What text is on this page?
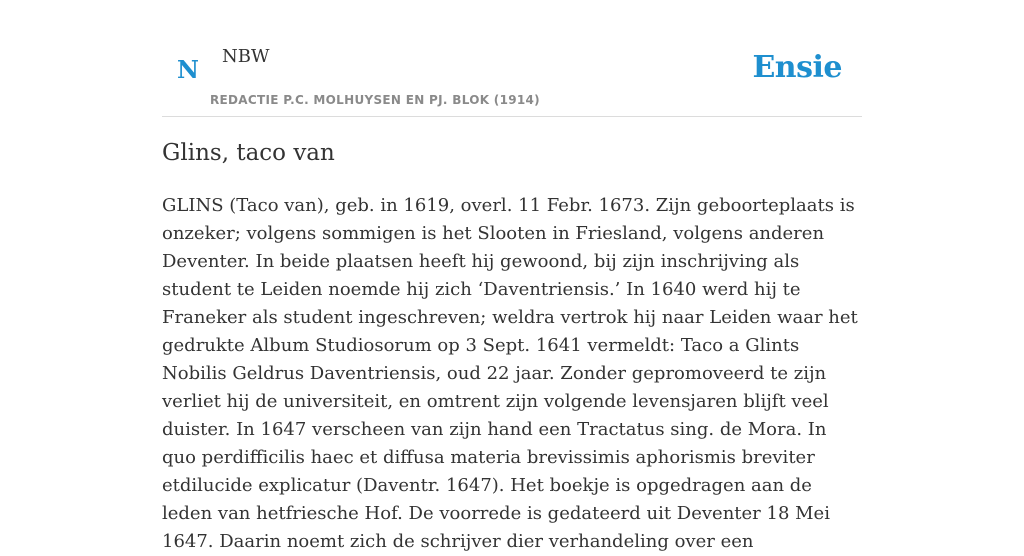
N NBW
REDACTIE P.C. MOLHUYSEN EN PJ. BLOK (1914)
Ensie
Glins, taco van

GLINS (Taco van), geb. in 1619, overl. 11 Febr. 1673. Zijn geboorteplaats is onzeker; volgens sommigen is het Slooten in Friesland, volgens anderen Deventer. In beide plaatsen heeft hij gewoond, bij zijn inschrijving als student te Leiden noemde hij zich ‘Daventriensis.’ In 1640 werd hij te Franeker als student ingeschreven; weldra vertrok hij naar Leiden waar het gedrukte Album Studiosorum op 3 Sept. 1641 vermeldt: Taco a Glints Nobilis Geldrus Daventriensis, oud 22 jaar. Zonder gepromoveerd te zijn verliet hij de universiteit, en omtrent zijn volgende levensjaren blijft veel duister. In 1647 verscheen van zijn hand een Tractatus sing. de Mora. In quo perdifficilis haec et diffusa materia brevissimis aphorismis breviter etdilucide explicatur (Daventr. 1647). Het boekje is opgedragen aan de leden van hetfriesche Hof. De voorrede is gedateerd uit Deventer 18 Mei 1647. Daarin noemt zich de schrijver dier verhandeling over een
